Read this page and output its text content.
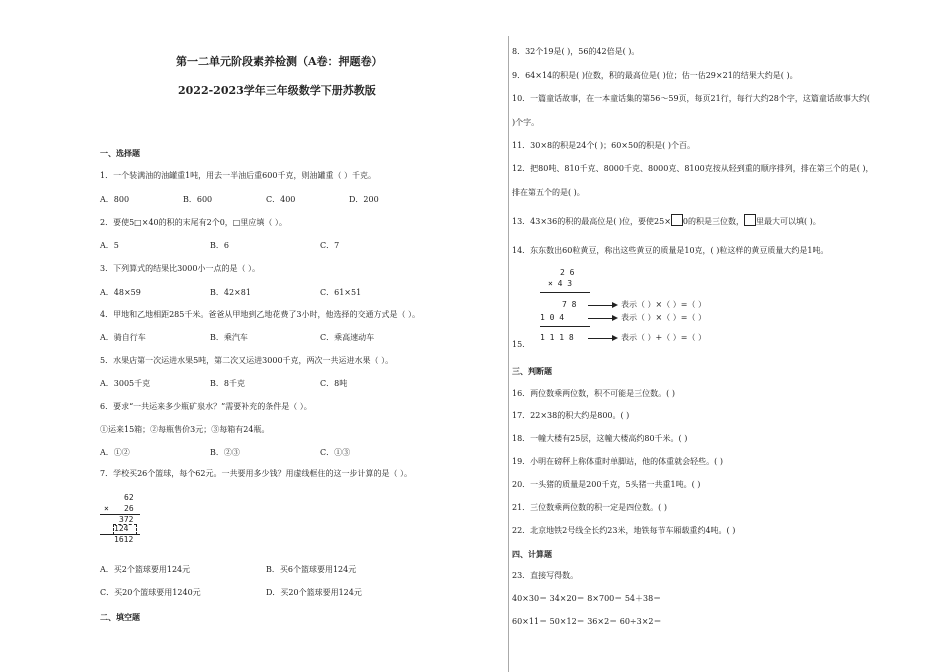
第一二单元阶段素养检测（A卷：押题卷）
2022-2023学年三年级数学下册苏教版
一、选择题
1．一个装满油的油罐重1吨，用去一半油后重600千克，则油罐重（ ）千克。
A．800	B．600	C．400	D．200
2．要使5□×40的积的末尾有2个0，□里应填（ ）。
A．5	B．6	C．7
3．下列算式的结果比3000小一点的是（ ）。
A．48×59	B．42×81	C．61×51
4．甲地和乙地相距285千米。爸爸从甲地到乙地花费了3小时，他选择的交通方式是（ ）。
A．骑自行车	B．乘汽车	C．乘高速动车
5．水果店第一次运进水果5吨，第二次又运进3000千克，两次一共运进水果（ ）。
A．3005千克	B．8千克	C．8吨
6．要求“一共运来多少瓶矿泉水？”需要补充的条件是（ ）。
①运来15箱；②每瓶售价3元；③每箱有24瓶。
A．①②	B．②③	C．①③
7．学校买26个篮球，每个62元。一共要用多少钱？用虚线框住的这一步计算的是（ ）。
62
× 26
372
124
1612
A．买2个篮球要用124元	B．买6个篮球要用124元
C．买20个篮球要用1240元	D．买20个篮球要用124元
二、填空题
8．32个19是( )，56的42倍是( )。
9．64×14的积是( )位数，积的最高位是( )位；估一估29×21的结果大约是( )。
10．一篇童话故事，在一本童话集的第56～59页，每页21行，每行大约28个字，这篇童话故事大约(
)个字。
11．30×8的积是24个( )；60×50的积是( )个百。
12．把80吨、810千克、8000千克、8000克、8100克按从轻到重的顺序排列，排在第三个的是( )，
排在第五个的是( )。
13．43×36的积的最高位是( )位，要使25× 0的积是三位数， 里最大可以填( )。
14．东东数出60粒黄豆，称出这些黄豆的质量是10克，( )粒这样的黄豆质量大约是1吨。
2 6
× 4 3
7 8	表示（ ）×（ ）=（ ）
1 0 4	表示（ ）×（ ）=（ ）
1 1 1 8	表示（ ）+（ ）=（ ）
15.
三、判断题
16．两位数乘两位数，积不可能是三位数。( )
17．22×38的积大约是800。( )
18．一幢大楼有25层，这幢大楼高约80千米。( )
19．小明在磅秤上称体重时单脚站，他的体重就会轻些。( )
20．一头猪的质量是200千克，5头猪一共重1吨。( )
21．三位数乘两位数的积一定是四位数。( )
22．北京地铁2号线全长约23米，地铁每节车厢载重约4吨。( )
四、计算题
23．直接写得数。
40×30＝ 34×20＝ 8×700＝ 54＋38＝
60×11＝ 50×12＝ 36×2＝ 60÷3×2＝
